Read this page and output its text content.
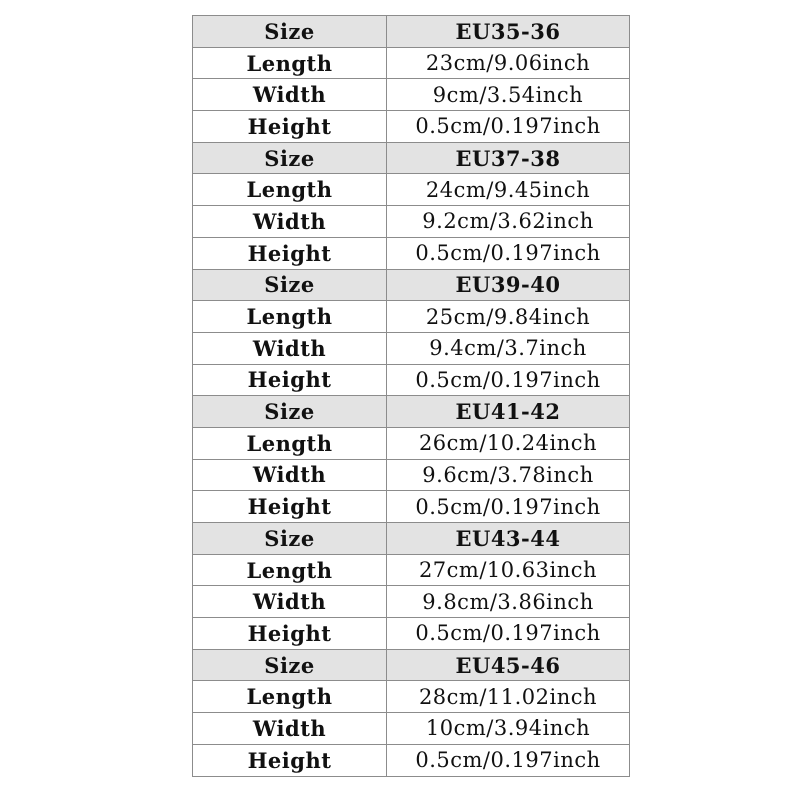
Size	EU35-36
Length	23cm/9.06inch
Width	9cm/3.54inch
Height	0.5cm/0.197inch
Size	EU37-38
Length	24cm/9.45inch
Width	9.2cm/3.62inch
Height	0.5cm/0.197inch
Size	EU39-40
Length	25cm/9.84inch
Width	9.4cm/3.7inch
Height	0.5cm/0.197inch
Size	EU41-42
Length	26cm/10.24inch
Width	9.6cm/3.78inch
Height	0.5cm/0.197inch
Size	EU43-44
Length	27cm/10.63inch
Width	9.8cm/3.86inch
Height	0.5cm/0.197inch
Size	EU45-46
Length	28cm/11.02inch
Width	10cm/3.94inch
Height	0.5cm/0.197inch
